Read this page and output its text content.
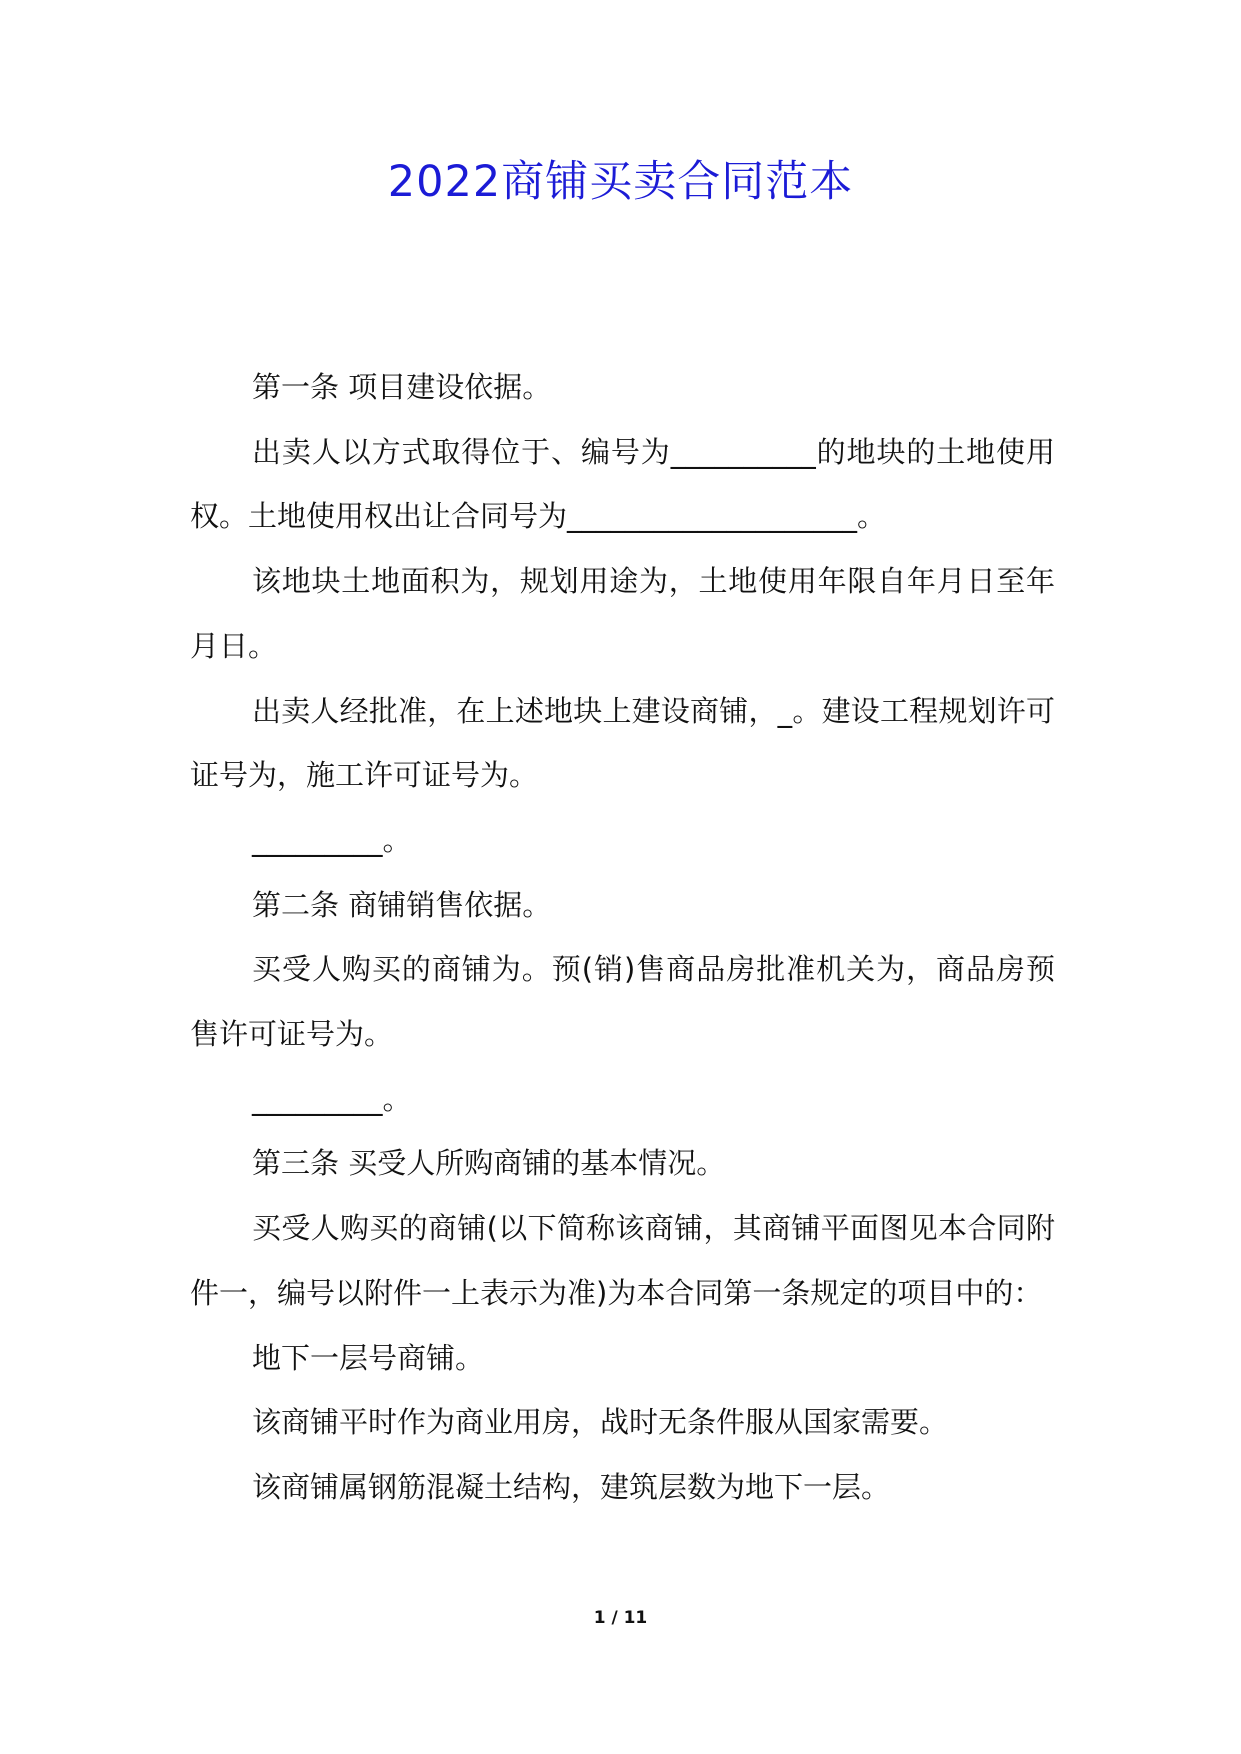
2022商铺买卖合同范本

第一条 项目建设依据。

出卖人以方式取得位于、编号为__________的地块的土地使用权。土地使用权出让合同号为____________________。

该地块土地面积为，规划用途为，土地使用年限自年月日至年月日。

出卖人经批准，在上述地块上建设商铺，_。建设工程规划许可证号为，施工许可证号为。

_________。

第二条 商铺销售依据。

买受人购买的商铺为。预(销)售商品房批准机关为，商品房预售许可证号为。

_________。

第三条 买受人所购商铺的基本情况。

买受人购买的商铺(以下简称该商铺，其商铺平面图见本合同附件一，编号以附件一上表示为准)为本合同第一条规定的项目中的：

地下一层号商铺。

该商铺平时作为商业用房，战时无条件服从国家需要。

该商铺属钢筋混凝土结构，建筑层数为地下一层。

1 / 11
